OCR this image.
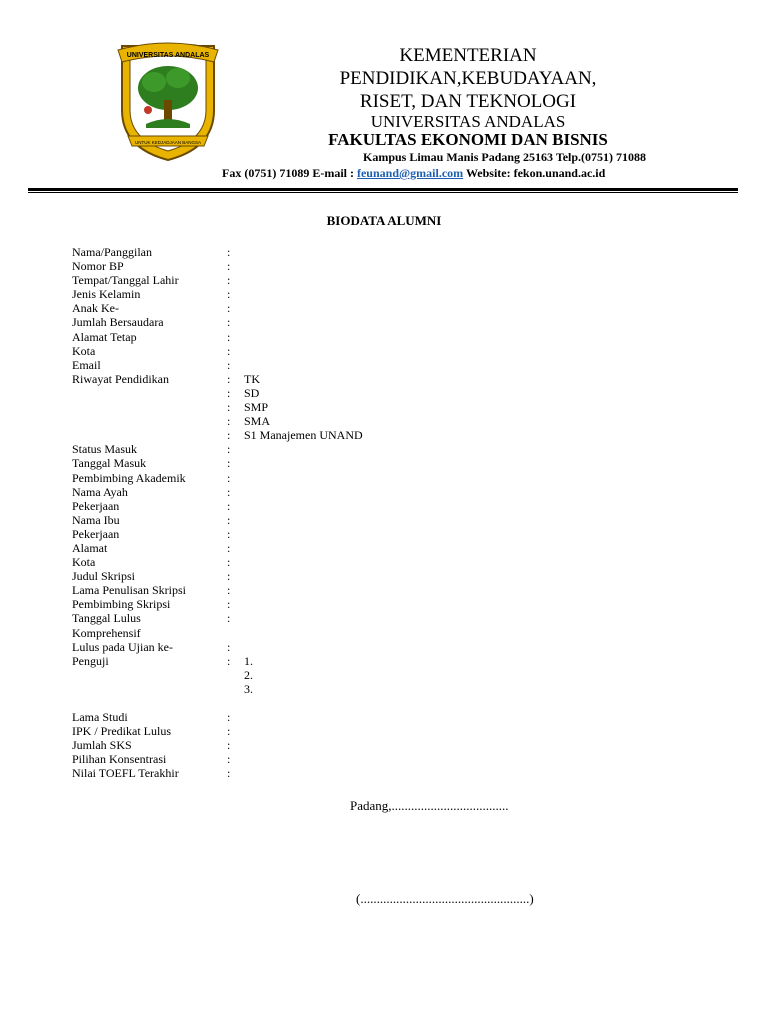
UNIVERSITAS ANDALAS
UNTUK KEDJADJAAN BANGSA
KEMENTERIAN
PENDIDIKAN,KEBUDAYAAN,
RISET, DAN TEKNOLOGI
UNIVERSITAS ANDALAS
FAKULTAS EKONOMI DAN BISNIS
Kampus Limau Manis Padang 25163 Telp.(0751) 71088
Fax (0751) 71089 E-mail : feunand@gmail.com Website: fekon.unand.ac.id
BIODATA ALUMNI
Nama/Panggilan	:
Nomor BP	:
Tempat/Tanggal Lahir	:
Jenis Kelamin	:
Anak Ke-	:
Jumlah Bersaudara	:
Alamat Tetap	:
Kota	:
Email	:
Riwayat Pendidikan	: TK
: SD
: SMP
: SMA
: S1 Manajemen UNAND
Status Masuk	:
Tanggal Masuk	:
Pembimbing Akademik	:
Nama Ayah	:
Pekerjaan	:
Nama Ibu	:
Pekerjaan	:
Alamat	:
Kota	:
Judul Skripsi	:
Lama Penulisan Skripsi	:
Pembimbing Skripsi	:
Tanggal Lulus	:
Komprehensif
Lulus pada Ujian ke-	:
Penguji	: 1.
2.
3.
Lama Studi	:
IPK / Predikat Lulus	:
Jumlah SKS	:
Pilihan Konsentrasi	:
Nilai TOEFL Terakhir	:
Padang,....................................
(....................................................)
